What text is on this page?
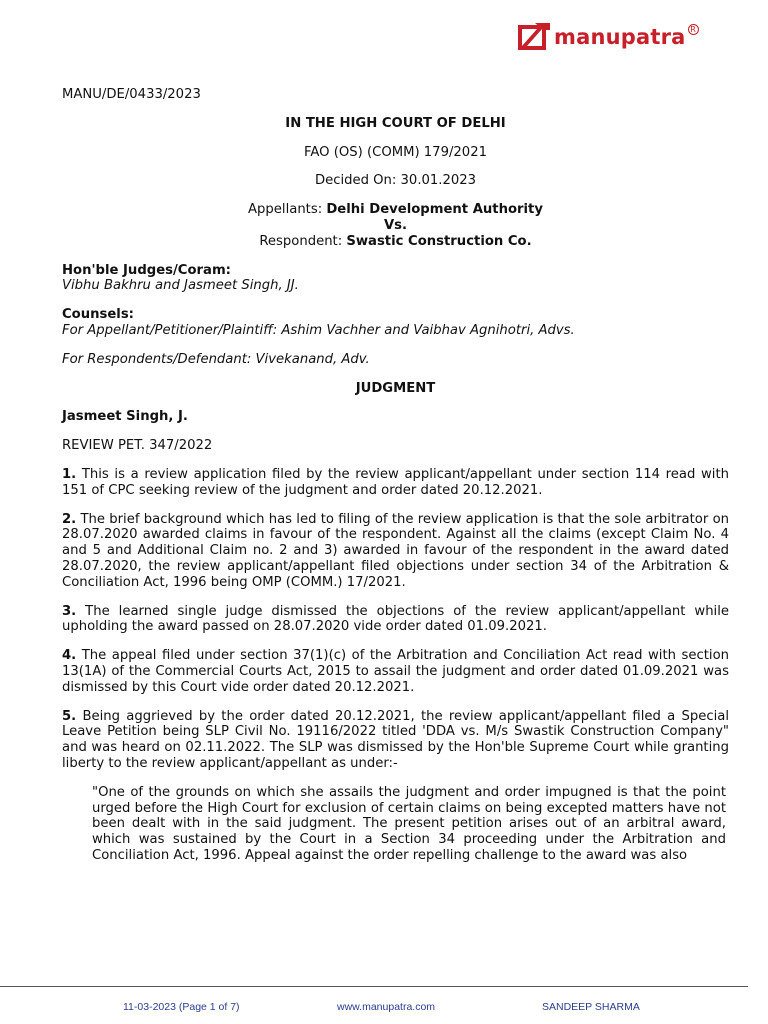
manupatra R

MANU/DE/0433/2023

IN THE HIGH COURT OF DELHI

FAO (OS) (COMM) 179/2021

Decided On: 30.01.2023

Appellants: Delhi Development Authority

Vs.

Respondent: Swastic Construction Co.

Hon'ble Judges/Coram:

Vibhu Bakhru and Jasmeet Singh, JJ.

Counsels:

For Appellant/Petitioner/Plaintiff: Ashim Vachher and Vaibhav Agnihotri, Advs.

For Respondents/Defendant: Vivekanand, Adv.

JUDGMENT

Jasmeet Singh, J.

REVIEW PET. 347/2022

1. This is a review application filed by the review applicant/appellant under section 114 read with 151 of CPC seeking review of the judgment and order dated 20.12.2021.

2. The brief background which has led to filing of the review application is that the sole arbitrator on 28.07.2020 awarded claims in favour of the respondent. Against all the claims (except Claim No. 4 and 5 and Additional Claim no. 2 and 3) awarded in favour of the respondent in the award dated 28.07.2020, the review applicant/appellant filed objections under section 34 of the Arbitration & Conciliation Act, 1996 being OMP (COMM.) 17/2021.

3. The learned single judge dismissed the objections of the review applicant/appellant while upholding the award passed on 28.07.2020 vide order dated 01.09.2021.

4. The appeal filed under section 37(1)(c) of the Arbitration and Conciliation Act read with section 13(1A) of the Commercial Courts Act, 2015 to assail the judgment and order dated 01.09.2021 was dismissed by this Court vide order dated 20.12.2021.

5. Being aggrieved by the order dated 20.12.2021, the review applicant/appellant filed a Special Leave Petition being SLP Civil No. 19116/2022 titled 'DDA vs. M/s Swastik Construction Company" and was heard on 02.11.2022. The SLP was dismissed by the Hon'ble Supreme Court while granting liberty to the review applicant/appellant as under:-

"One of the grounds on which she assails the judgment and order impugned is that the point urged before the High Court for exclusion of certain claims on being excepted matters have not been dealt with in the said judgment. The present petition arises out of an arbitral award, which was sustained by the Court in a Section 34 proceeding under the Arbitration and Conciliation Act, 1996. Appeal against the order repelling challenge to the award was also

11-03-2023 (Page 1 of 7)	www.manupatra.com	SANDEEP SHARMA
